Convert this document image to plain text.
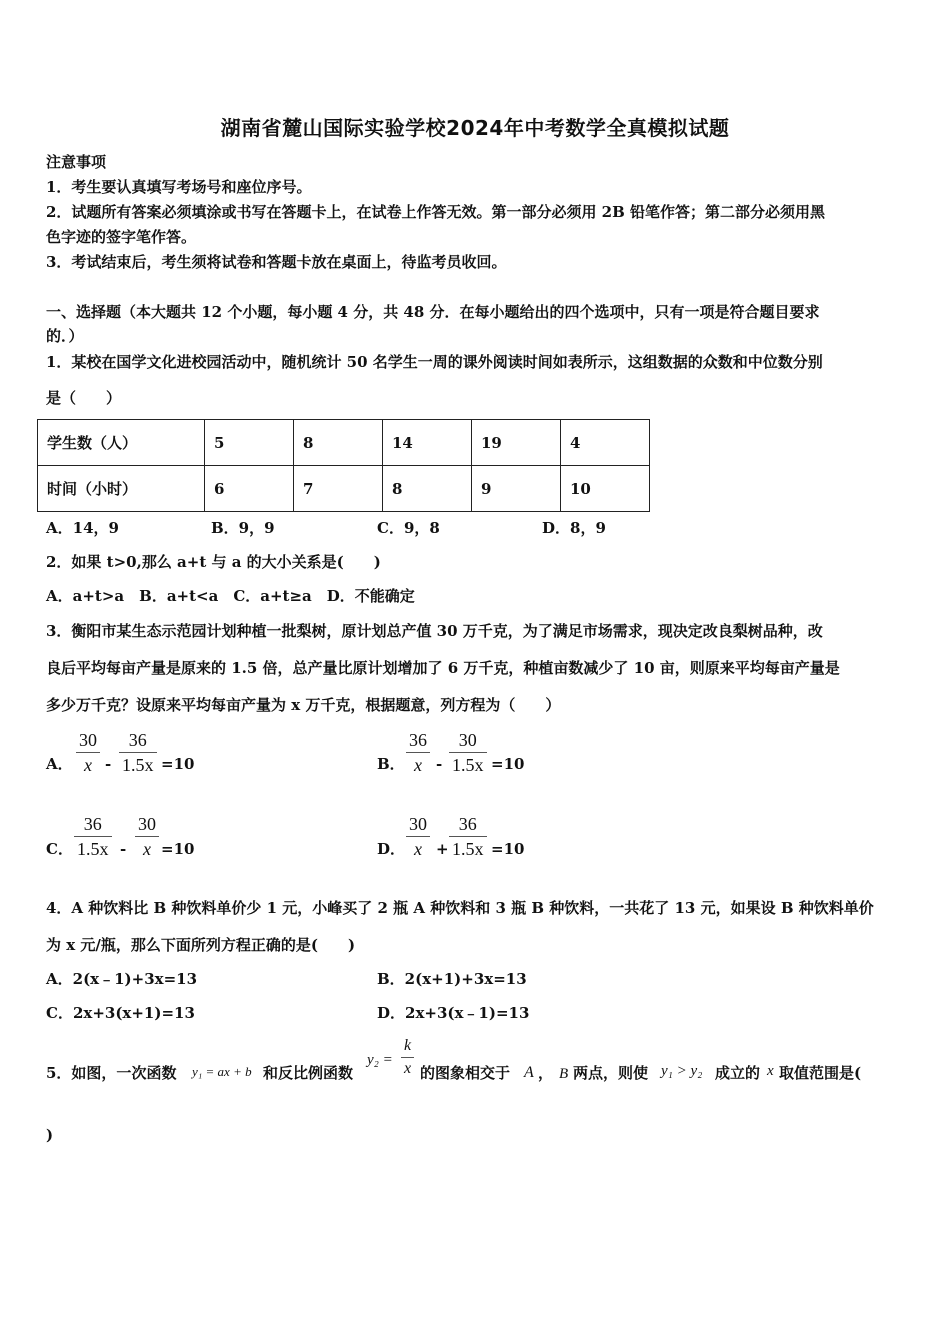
湖南省麓山国际实验学校2024年中考数学全真模拟试题
注意事项
1．考生要认真填写考场号和座位序号。
2．试题所有答案必须填涂或书写在答题卡上，在试卷上作答无效。第一部分必须用 2B 铅笔作答；第二部分必须用黑
色字迹的签字笔作答。
3．考试结束后，考生须将试卷和答题卡放在桌面上，待监考员收回。
一、选择题（本大题共 12 个小题，每小题 4 分，共 48 分．在每小题给出的四个选项中，只有一项是符合题目要求
的．）
1．某校在国学文化进校园活动中，随机统计 50 名学生一周的课外阅读时间如表所示，这组数据的众数和中位数分别
是（　　）
学生数（人）	5	8	14	19	4
时间（小时）	6	7	8	9	10
A．14，9	B．9，9	C．9，8	D．8，9
2．如果 t>0,那么 a+t 与 a 的大小关系是(　　)
A．a+t>a　B．a+t<a　C．a+t≥a　D．不能确定
3．衡阳市某生态示范园计划种植一批梨树，原计划总产值 30 万千克，为了满足市场需求，现决定改良梨树品种，改
良后平均每亩产量是原来的 1.5 倍，总产量比原计划增加了 6 万千克，种植亩数减少了 10 亩，则原来平均每亩产量是
多少万千克？设原来平均每亩产量为 x 万千克，根据题意，列方程为（　　）
A．
30
x -
36
1.5x =10	B．
36
x -
30
1.5x =10
C．
36
1.5x -
30
x =10	D．
30
x +
36
1.5x =10
4．A 种饮料比 B 种饮料单价少 1 元，小峰买了 2 瓶 A 种饮料和 3 瓶 B 种饮料，一共花了 13 元，如果设 B 种饮料单价
为 x 元/瓶，那么下面所列方程正确的是(　　)
A．2(x﹣1)+3x=13	B．2(x+1)+3x=13
C．2x+3(x+1)=13	D．2x+3(x﹣1)=13
5．如图，一次函数 y₁ = ax + b 和反比例函数
y₂ =
k
x 的图象相交于 A ， B 两点，则使 y₁ > y₂ 成立的 x 取值范围是(
)
